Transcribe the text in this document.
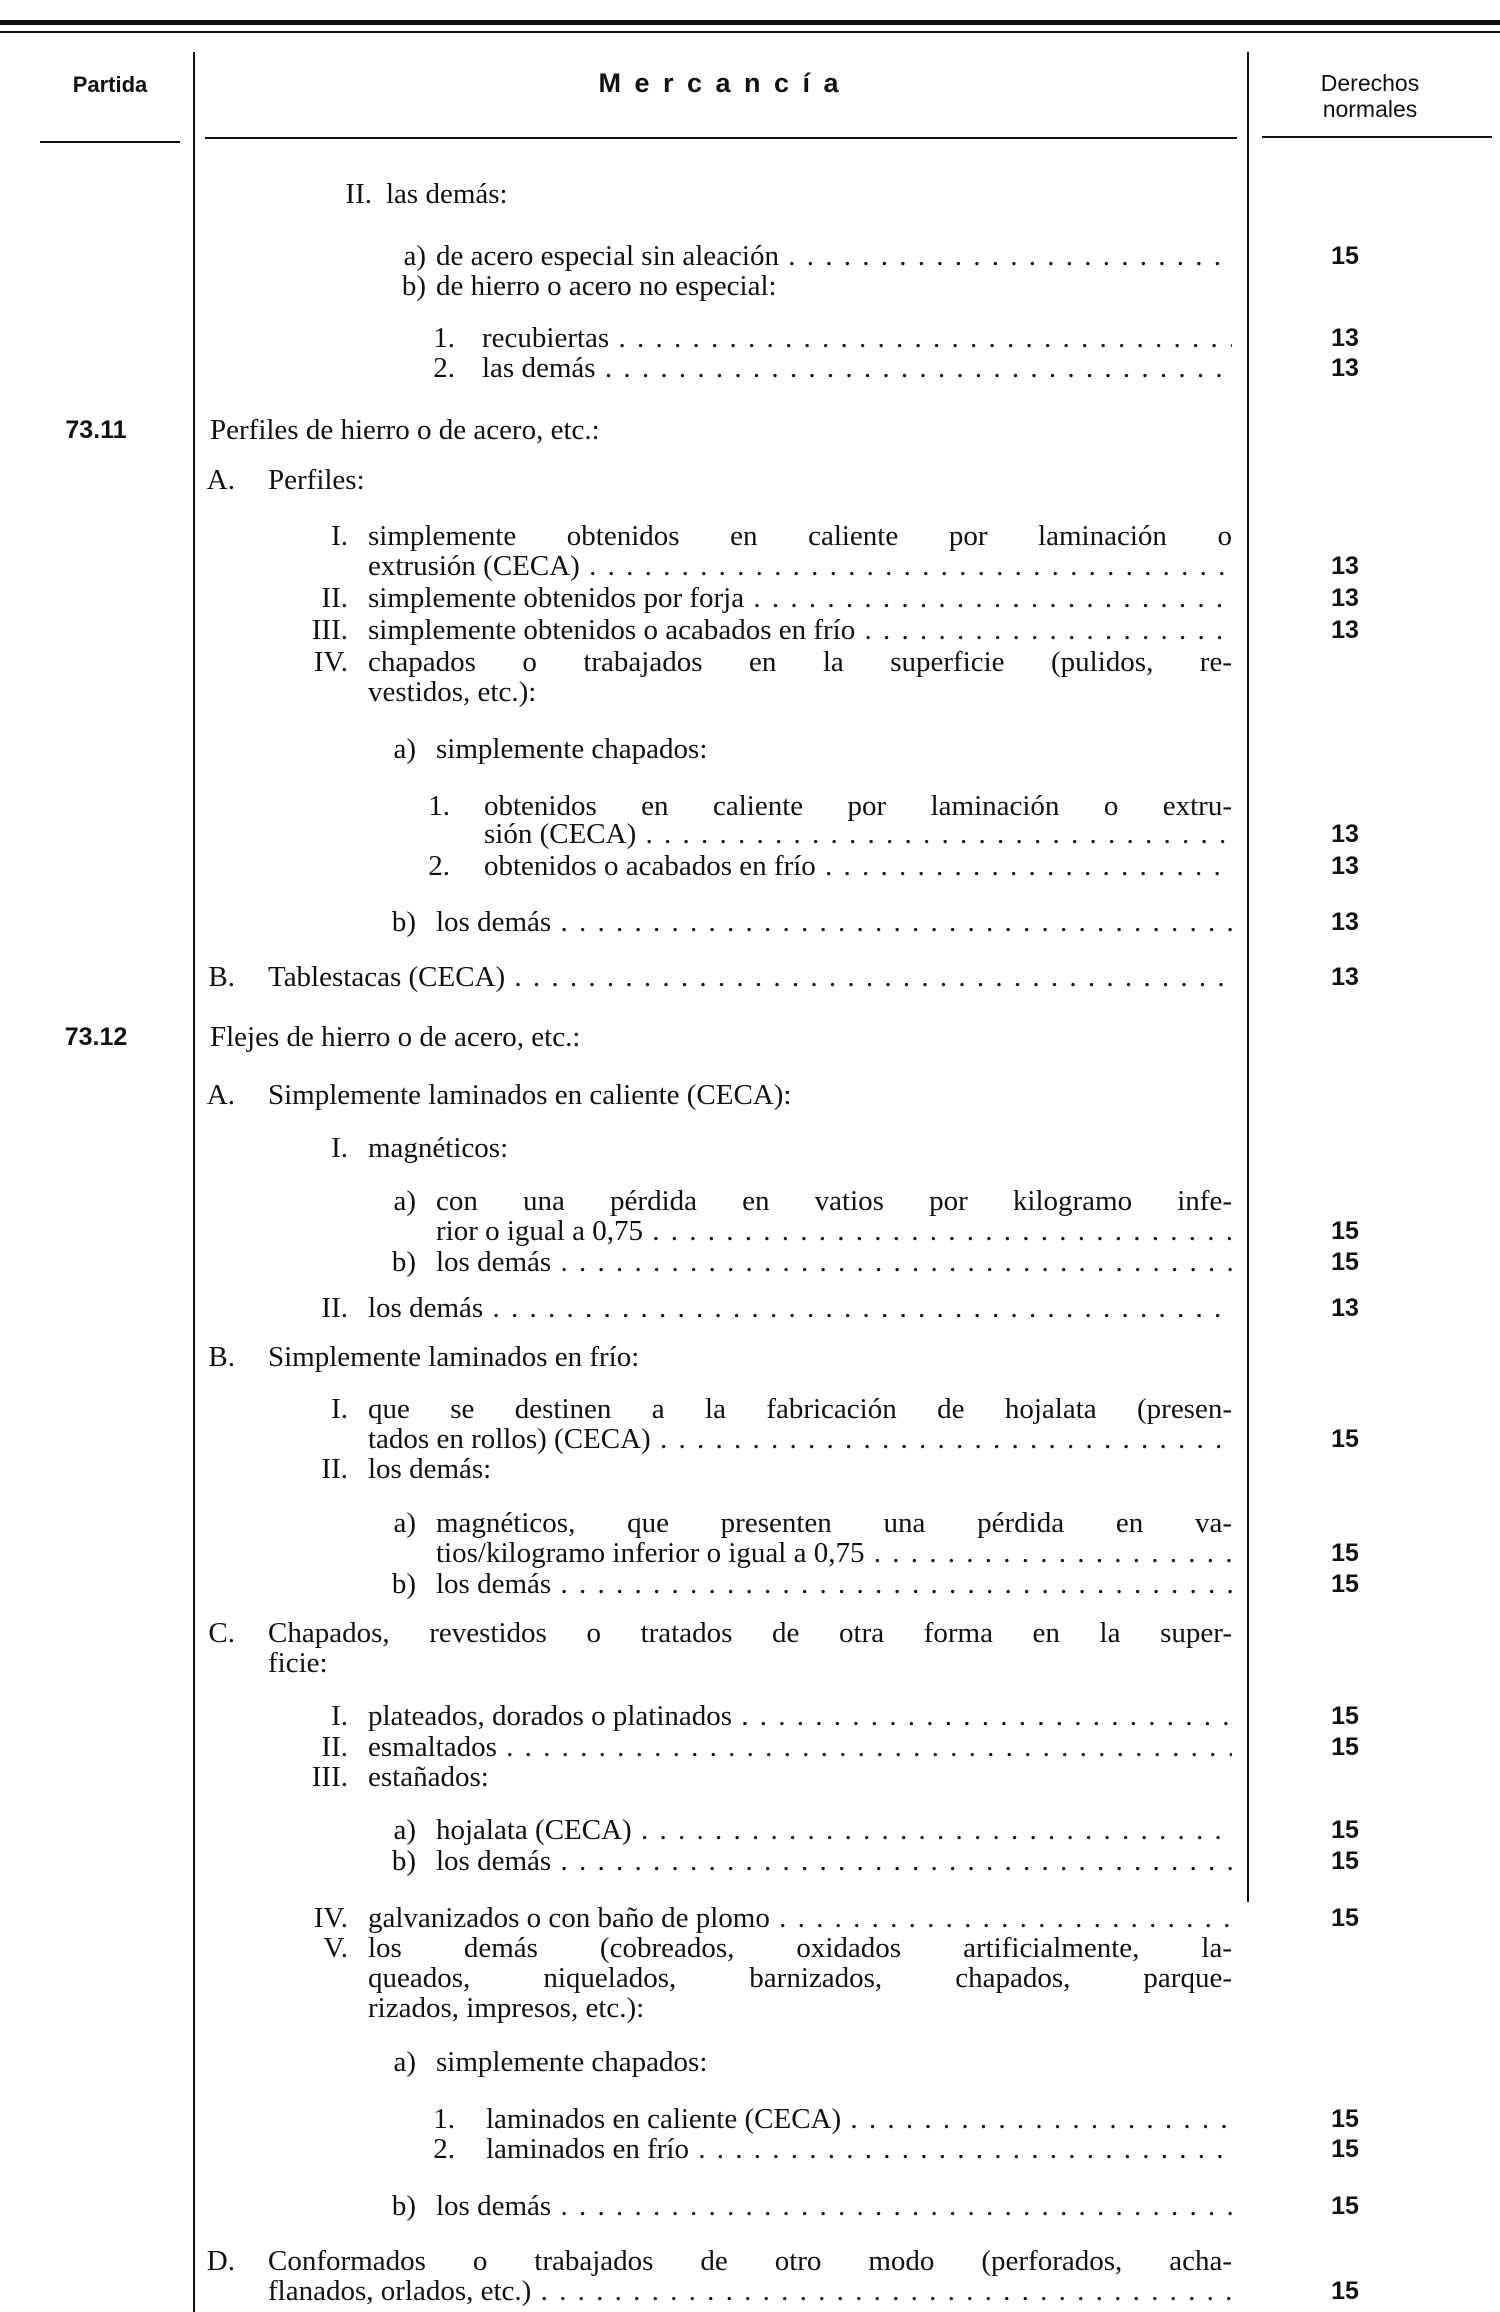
Partida	M e r c a n c í a	Derechos normales
II. las demás:
a) de acero especial sin aleación . . .	15
b) de hierro o acero no especial:
1. recubiertas . . .	13
2. las demás . . .	13
73.11	Perfiles de hierro o de acero, etc.:
A. Perfiles:
I. simplemente obtenidos en caliente por laminación o
extrusión (CECA) . . .	13
II. simplemente obtenidos por forja . . .	13
III. simplemente obtenidos o acabados en frío . . .	13
IV. chapados o trabajados en la superficie (pulidos, re-
vestidos, etc.):
a) simplemente chapados:
1. obtenidos en caliente por laminación o extru-
sión (CECA) . . .	13
2. obtenidos o acabados en frío . . .	13
b) los demás . . .	13
B. Tablestacas (CECA) . . .	13
73.12	Flejes de hierro o de acero, etc.:
A. Simplemente laminados en caliente (CECA):
I. magnéticos:
a) con una pérdida en vatios por kilogramo infe-
rior o igual a 0,75 . . .	15
b) los demás . . .	15
II. los demás . . .	13
B. Simplemente laminados en frío:
I. que se destinen a la fabricación de hojalata (presen-
tados en rollos) (CECA) . . .	15
II. los demás:
a) magnéticos, que presenten una pérdida en va-
tios/kilogramo inferior o igual a 0,75 . . .	15
b) los demás . . .	15
C. Chapados, revestidos o tratados de otra forma en la super-
ficie:
I. plateados, dorados o platinados . . .	15
II. esmaltados . . .	15
III. estañados:
a) hojalata (CECA) . . .	15
b) los demás . . .	15
IV. galvanizados o con baño de plomo . . .	15
V. los demás (cobreados, oxidados artificialmente, la-
queados, niquelados, barnizados, chapados, parque-
rizados, impresos, etc.):
a) simplemente chapados:
1. laminados en caliente (CECA) . . .	15
2. laminados en frío . . .	15
b) los demás . . .	15
D. Conformados o trabajados de otro modo (perforados, acha-
flanados, orlados, etc.) . . .	15
